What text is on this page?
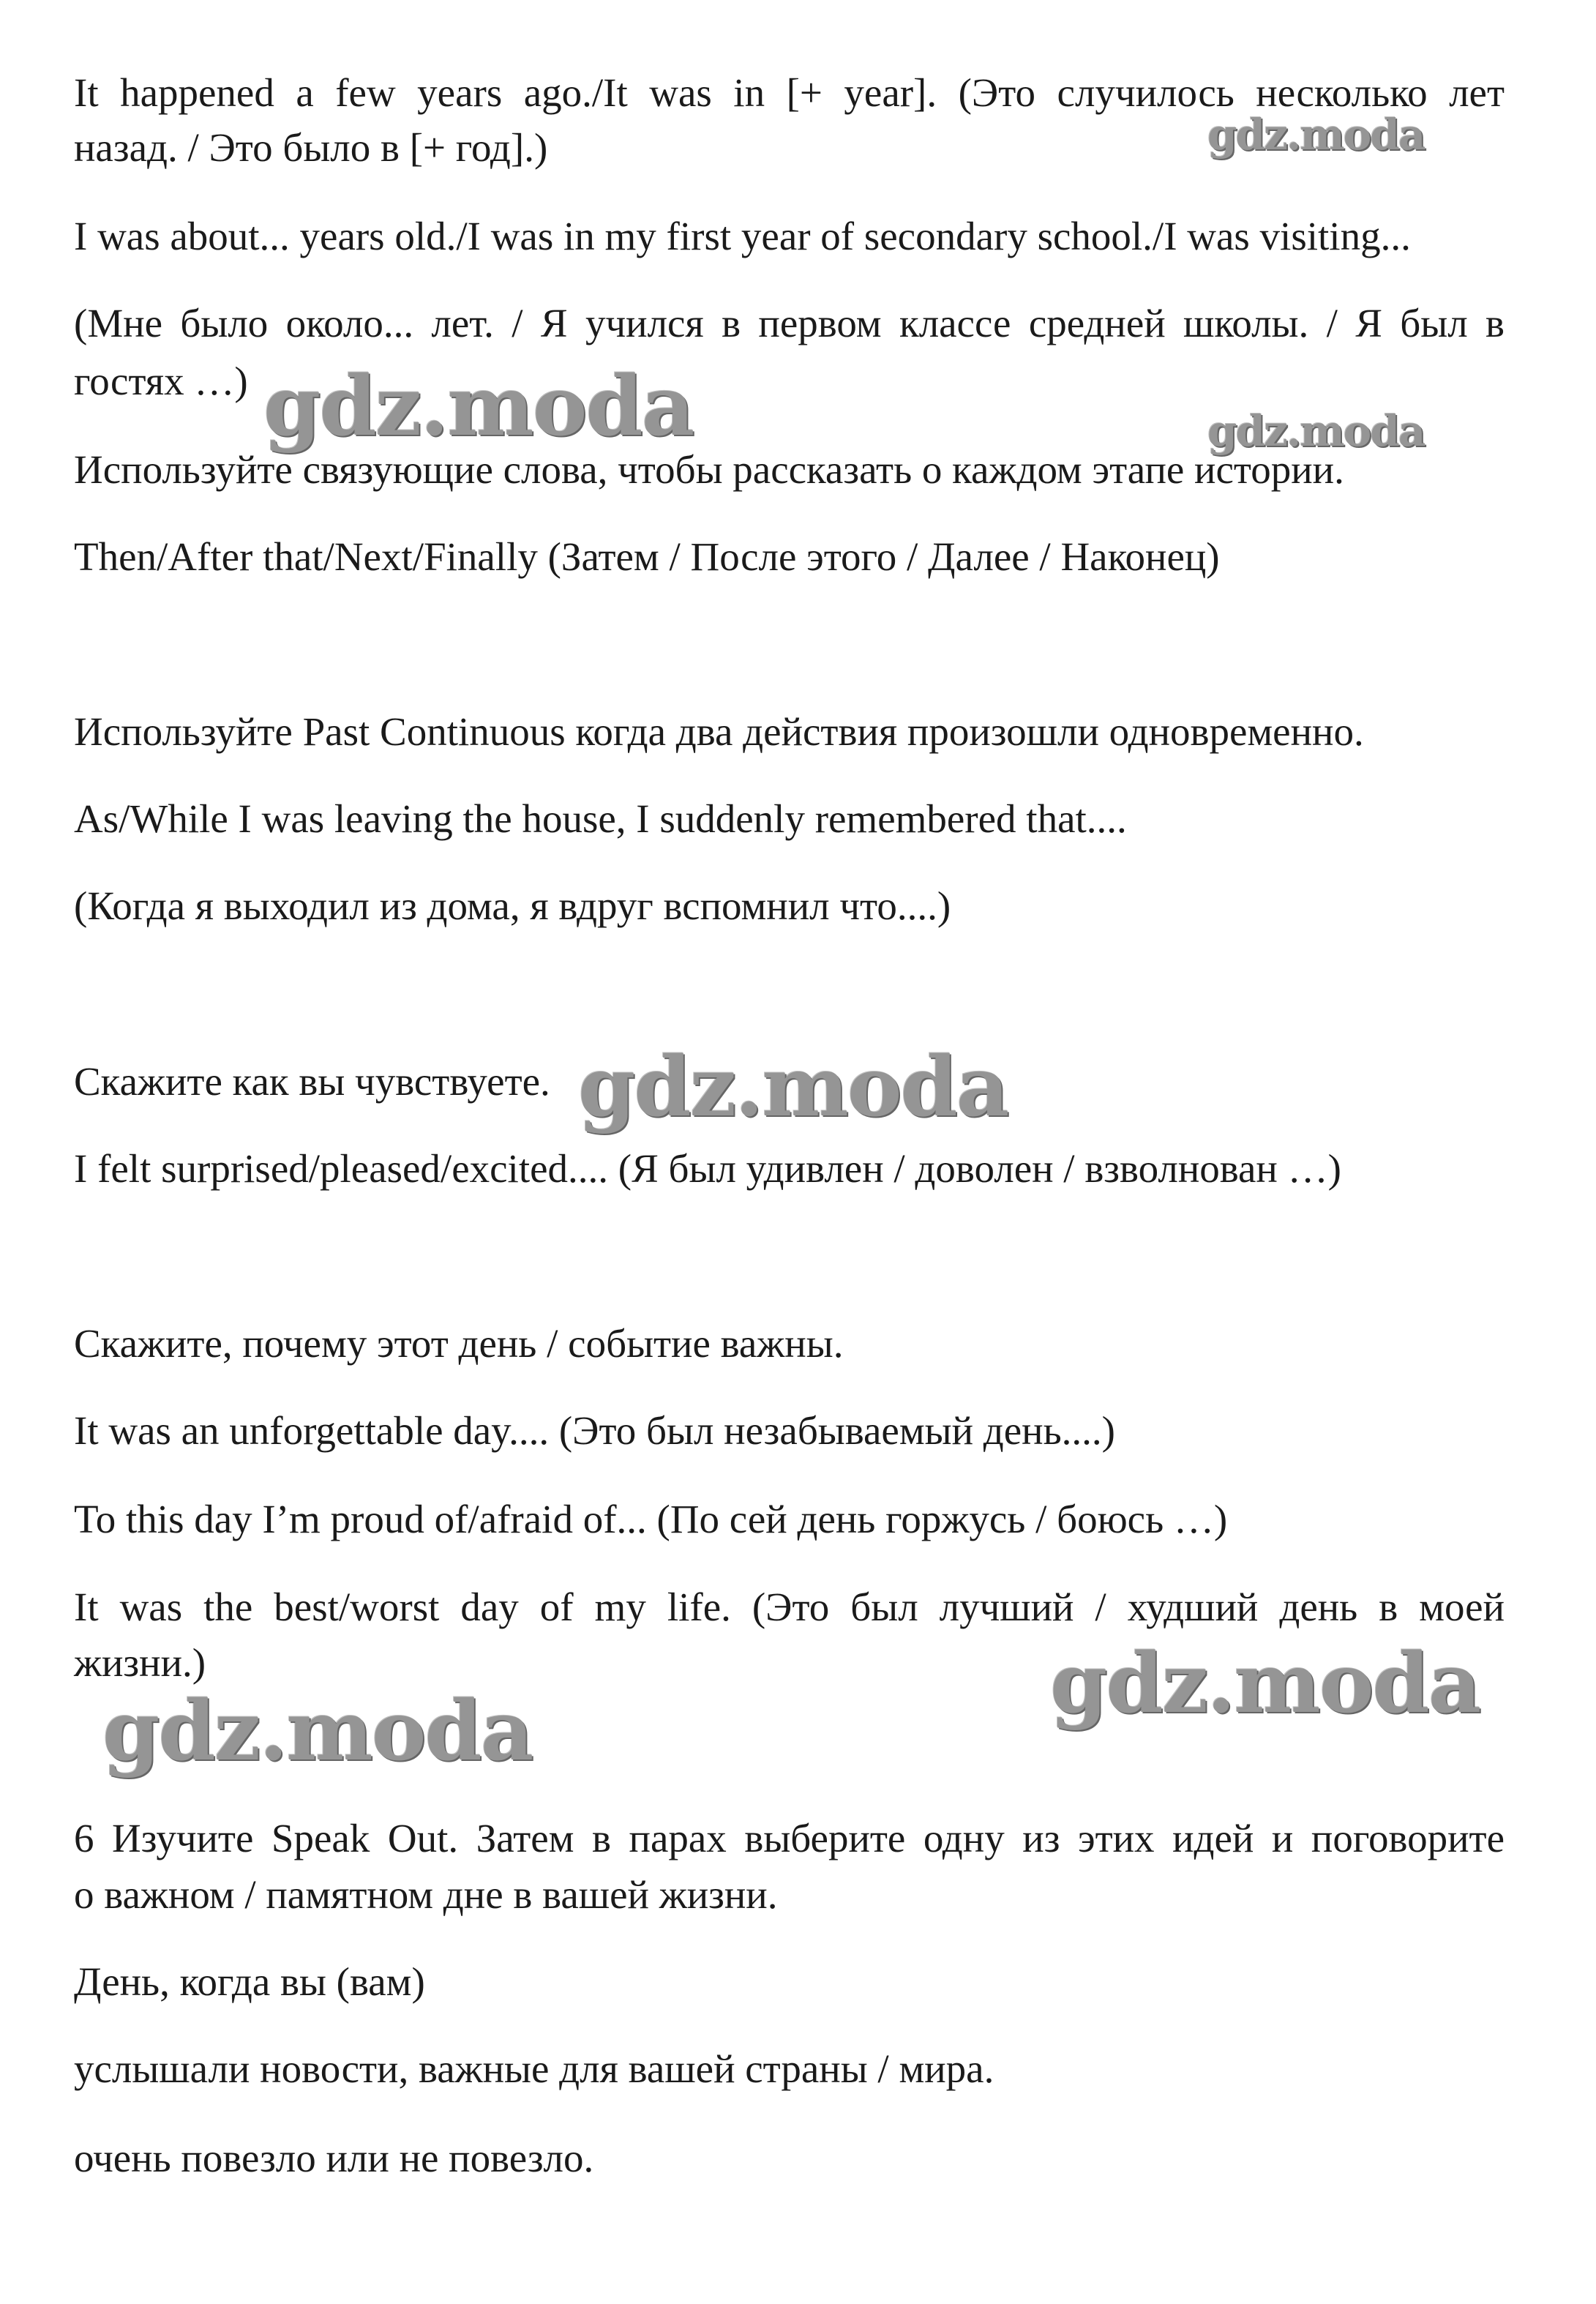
It happened a few years ago./It was in [+ year]. (Это случилось несколько лет
назад. / Это было в [+ год].)
I was about... years old./I was in my first year of secondary school./I was visiting...
(Мне было около... лет. / Я учился в первом классе средней школы. / Я был в
гостях …)
Используйте связующие слова, чтобы рассказать о каждом этапе истории.
Then/After that/Next/Finally (Затем / После этого / Далее / Наконец)
Используйте Past Continuous когда два действия произошли одновременно.
As/While I was leaving the house, I suddenly remembered that....
(Когда я выходил из дома, я вдруг вспомнил что....)
Скажите как вы чувствуете.
I felt surprised/pleased/excited.... (Я был удивлен / доволен / взволнован …)
Скажите, почему этот день / событие важны.
It was an unforgettable day.... (Это был незабываемый день....)
To this day I’m proud of/afraid of... (По сей день горжусь / боюсь …)
It was the best/worst day of my life. (Это был лучший / худший день в моей
жизни.)
6 Изучите Speak Out. Затем в парах выберите одну из этих идей и поговорите
о важном / памятном дне в вашей жизни.
День, когда вы (вам)
услышали новости, важные для вашей страны / мира.
очень повезло или не повезло.
gdz.moda
gdz.moda	gdz.moda
gdz.moda
gdz.moda
gdz.moda
